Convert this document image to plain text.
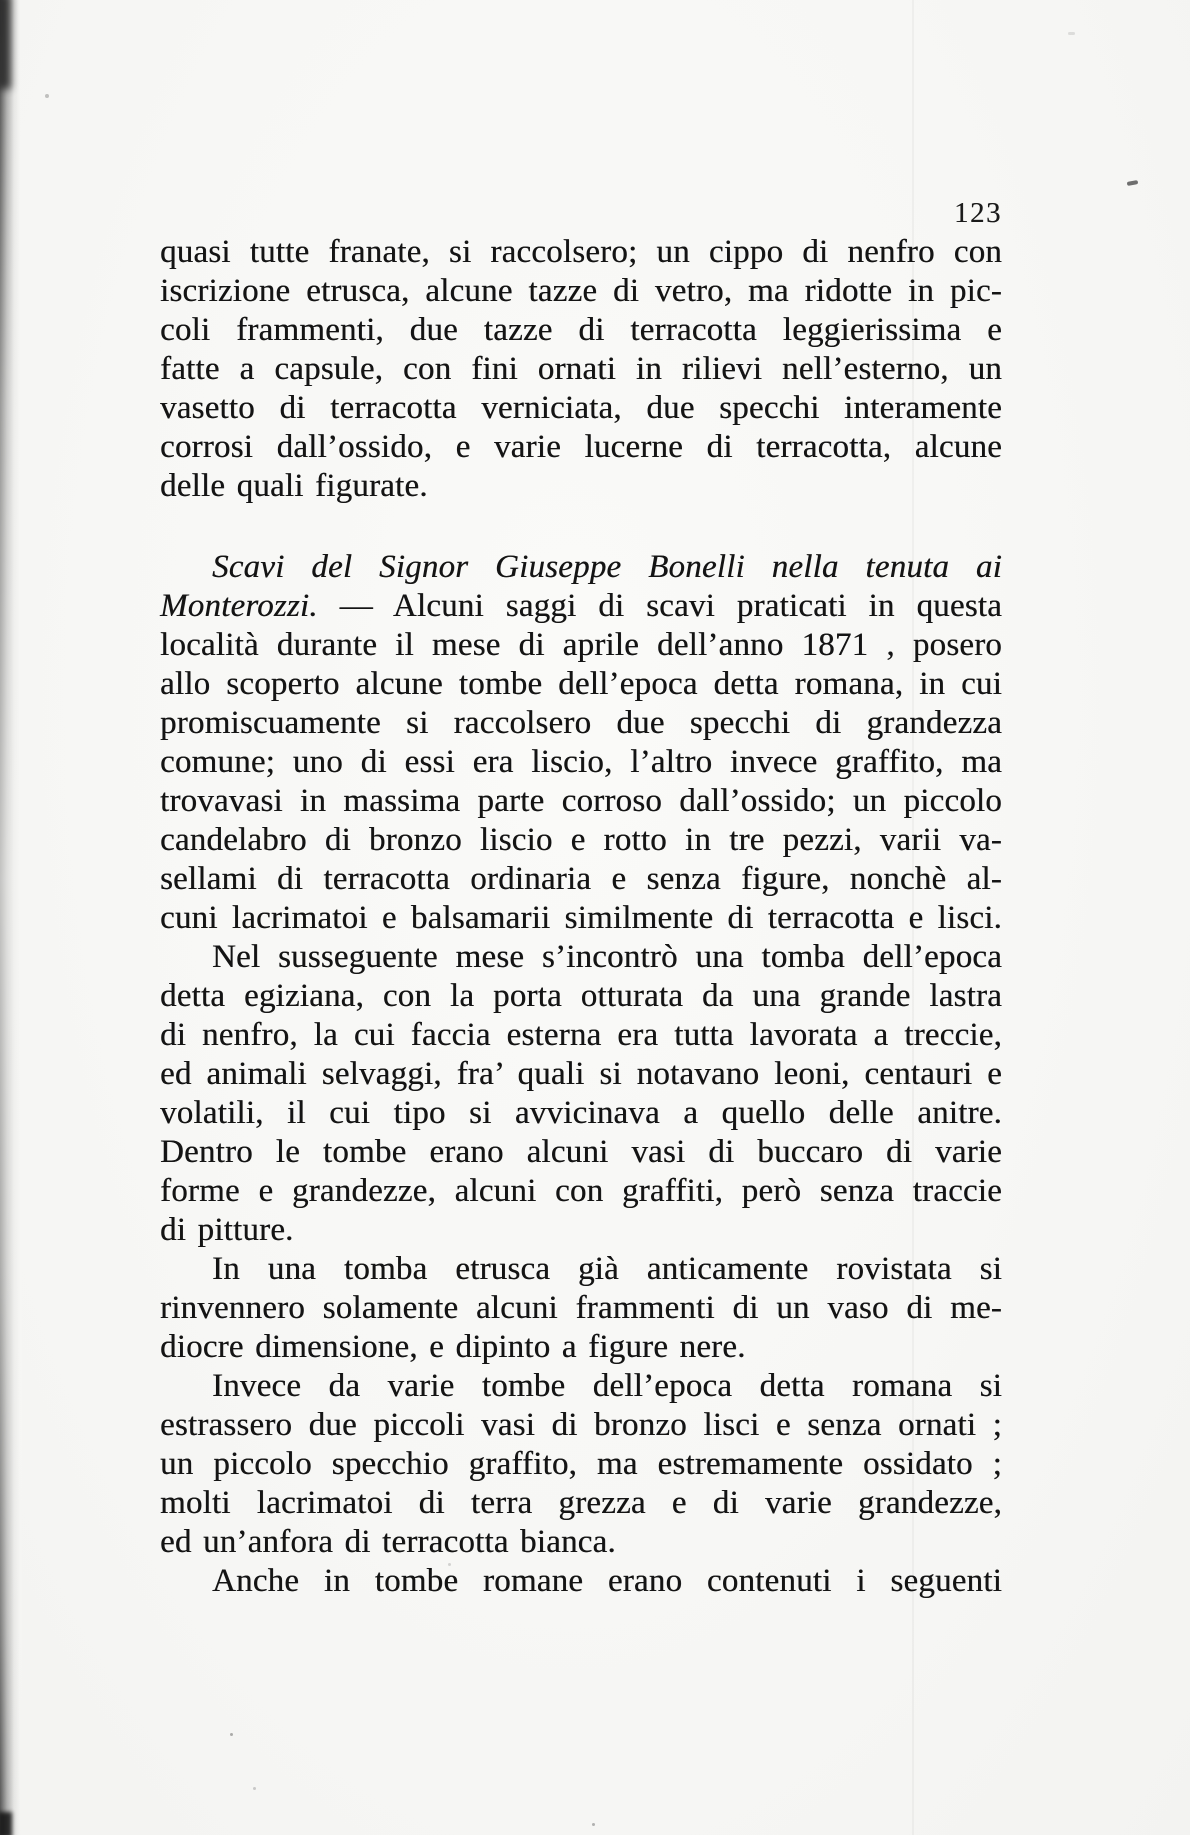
123
quasi tutte franate, si raccolsero; un cippo di nenfro con
iscrizione etrusca, alcune tazze di vetro, ma ridotte in pic-
coli frammenti, due tazze di terracotta leggierissima e
fatte a capsule, con fini ornati in rilievi nell’esterno, un
vasetto di terracotta verniciata, due specchi interamente
corrosi dall’ossido, e varie lucerne di terracotta, alcune
delle quali figurate.
Scavi del Signor Giuseppe Bonelli nella tenuta ai
Monterozzi. — Alcuni saggi di scavi praticati in questa
località durante il mese di aprile dell’anno 1871 , posero
allo scoperto alcune tombe dell’epoca detta romana, in cui
promiscuamente si raccolsero due specchi di grandezza
comune; uno di essi era liscio, l’altro invece graffito, ma
trovavasi in massima parte corroso dall’ossido; un piccolo
candelabro di bronzo liscio e rotto in tre pezzi, varii va-
sellami di terracotta ordinaria e senza figure, nonchè al-
cuni lacrimatoi e balsamarii similmente di terracotta e lisci.
Nel susseguente mese s’incontrò una tomba dell’epoca
detta egiziana, con la porta otturata da una grande lastra
di nenfro, la cui faccia esterna era tutta lavorata a treccie,
ed animali selvaggi, fra’ quali si notavano leoni, centauri e
volatili, il cui tipo si avvicinava a quello delle anitre.
Dentro le tombe erano alcuni vasi di buccaro di varie
forme e grandezze, alcuni con graffiti, però senza traccie
di pitture.
In una tomba etrusca già anticamente rovistata si
rinvennero solamente alcuni frammenti di un vaso di me-
diocre dimensione, e dipinto a figure nere.
Invece da varie tombe dell’epoca detta romana si
estrassero due piccoli vasi di bronzo lisci e senza ornati ;
un piccolo specchio graffito, ma estremamente ossidato ;
molti lacrimatoi di terra grezza e di varie grandezze,
ed un’anfora di terracotta bianca.
Anche in tombe romane erano contenuti i seguenti
